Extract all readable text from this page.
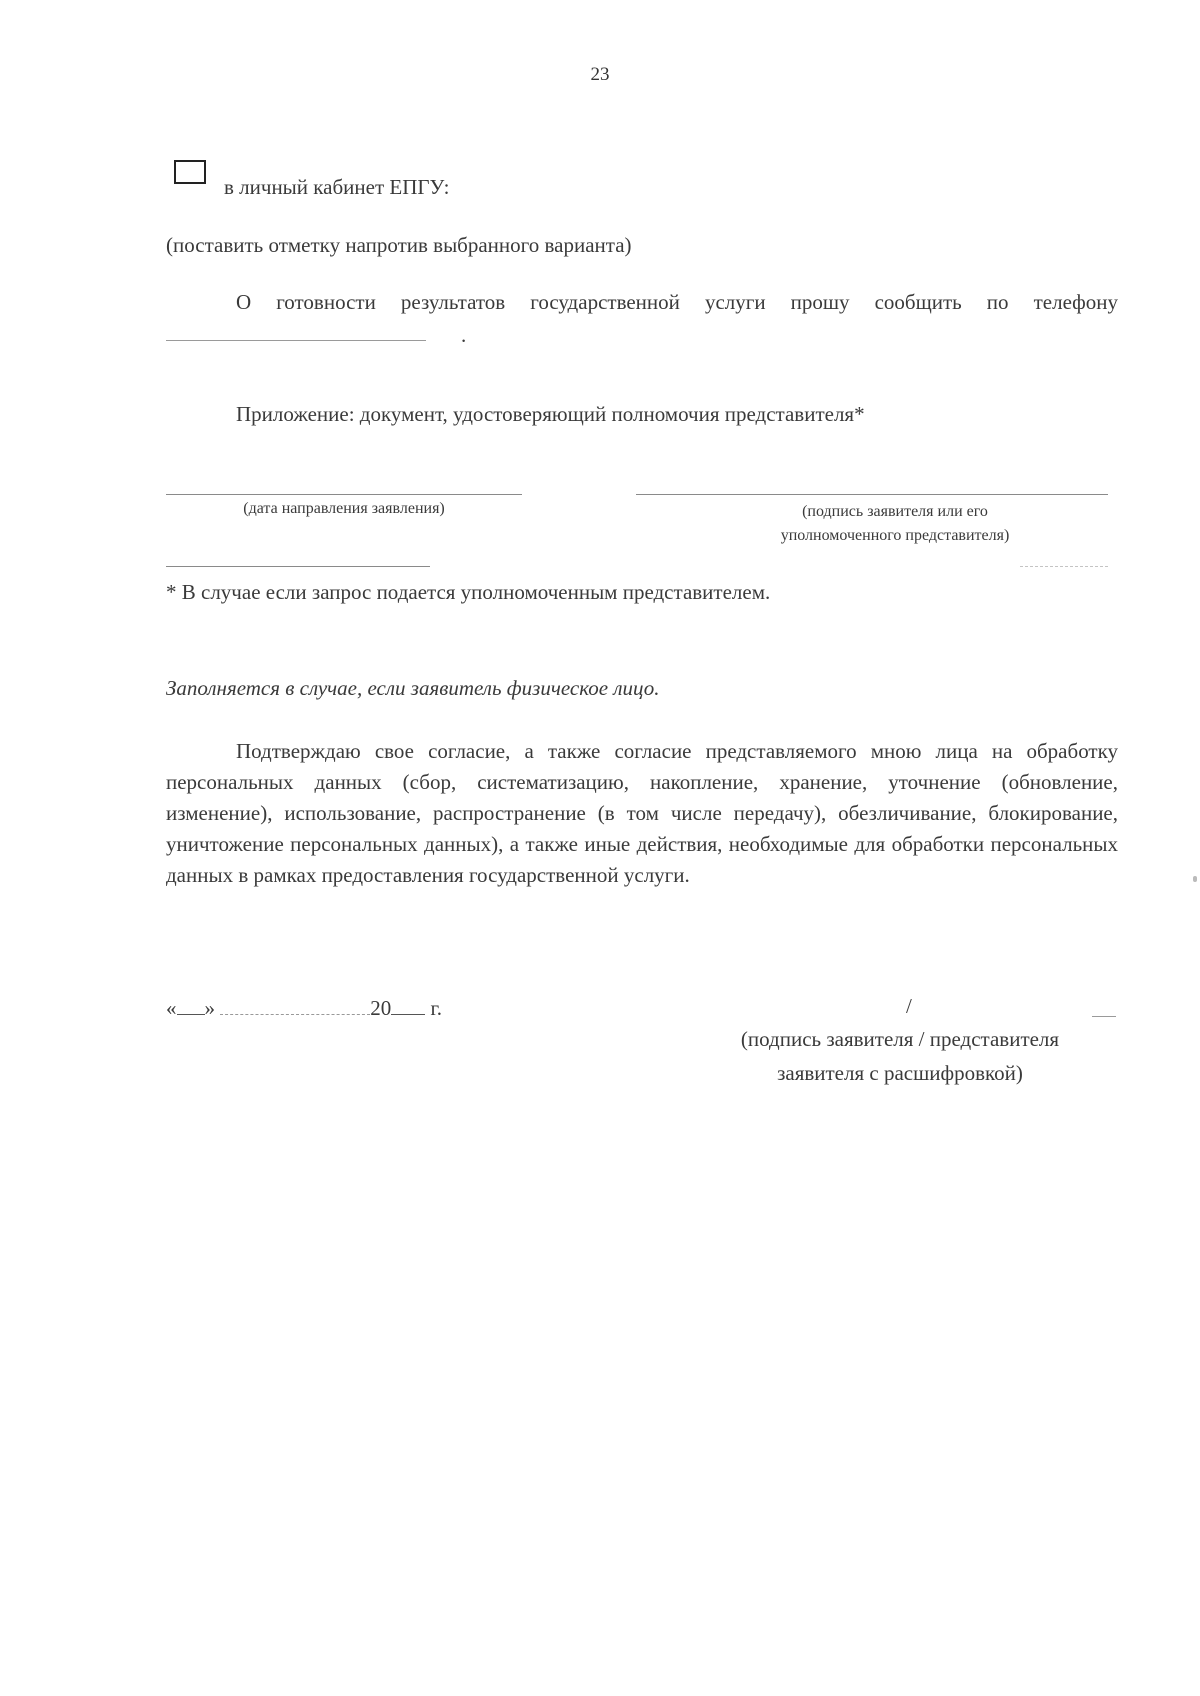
23
в личный кабинет ЕПГУ:
(поставить отметку напротив выбранного варианта)
О готовности результатов государственной услуги прошу сообщить по телефону
.
Приложение: документ, удостоверяющий полномочия представителя*
(дата направления заявления)	(подпись заявителя или его
уполномоченного представителя)
* В случае если запрос подается уполномоченным представителем.
Заполняется в случае, если заявитель физическое лицо.
Подтверждаю свое согласие, а также согласие представляемого мною лица на обработку персональных данных (сбор, систематизацию, накопление, хранение, уточнение (обновление, изменение), использование, распространение (в том числе передачу), обезличивание, блокирование, уничтожение персональных данных), а также иные действия, необходимые для обработки персональных данных в рамках предоставления государственной услуги.
« »	20 г.	/
(подпись заявителя / представителя
заявителя с расшифровкой)
